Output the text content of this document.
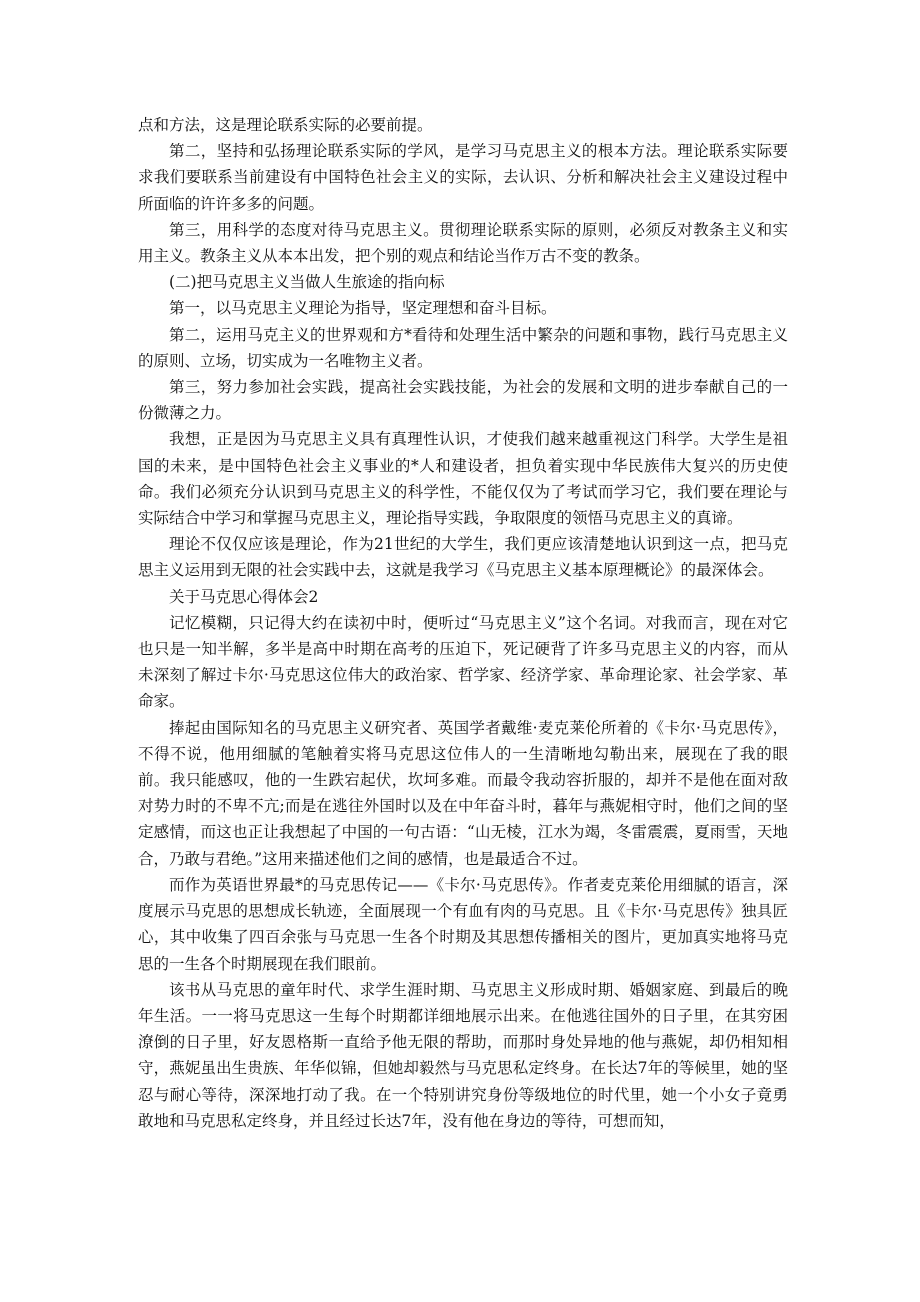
点和方法，这是理论联系实际的必要前提。

第二，坚持和弘扬理论联系实际的学风，是学习马克思主义的根本方法。理论联系实际要求我们要联系当前建设有中国特色社会主义的实际，去认识、分析和解决社会主义建设过程中所面临的许许多多的问题。

第三，用科学的态度对待马克思主义。贯彻理论联系实际的原则，必须反对教条主义和实用主义。教条主义从本本出发，把个别的观点和结论当作万古不变的教条。

(二)把马克思主义当做人生旅途的指向标

第一，以马克思主义理论为指导，坚定理想和奋斗目标。

第二，运用马克主义的世界观和方*看待和处理生活中繁杂的问题和事物，践行马克思主义的原则、立场，切实成为一名唯物主义者。

第三，努力参加社会实践，提高社会实践技能，为社会的发展和文明的进步奉献自己的一份微薄之力。

我想，正是因为马克思主义具有真理性认识，才使我们越来越重视这门科学。大学生是祖国的未来，是中国特色社会主义事业的*人和建设者，担负着实现中华民族伟大复兴的历史使命。我们必须充分认识到马克思主义的科学性，不能仅仅为了考试而学习它，我们要在理论与实际结合中学习和掌握马克思主义，理论指导实践，争取限度的领悟马克思主义的真谛。

理论不仅仅应该是理论，作为21世纪的大学生，我们更应该清楚地认识到这一点，把马克思主义运用到无限的社会实践中去，这就是我学习《马克思主义基本原理概论》的最深体会。

关于马克思心得体会2

记忆模糊，只记得大约在读初中时，便听过“马克思主义”这个名词。对我而言，现在对它也只是一知半解，多半是高中时期在高考的压迫下，死记硬背了许多马克思主义的内容，而从未深刻了解过卡尔·马克思这位伟大的政治家、哲学家、经济学家、革命理论家、社会学家、革命家。

捧起由国际知名的马克思主义研究者、英国学者戴维·麦克莱伦所着的《卡尔·马克思传》，不得不说，他用细腻的笔触着实将马克思这位伟人的一生清晰地勾勒出来，展现在了我的眼前。我只能感叹，他的一生跌宕起伏，坎坷多难。而最令我动容折服的，却并不是他在面对敌对势力时的不卑不亢;而是在逃往外国时以及在中年奋斗时，暮年与燕妮相守时，他们之间的坚定感情，而这也正让我想起了中国的一句古语：“山无棱，江水为竭，冬雷震震，夏雨雪，天地合，乃敢与君绝。”这用来描述他们之间的感情，也是最适合不过。

而作为英语世界最*的马克思传记——《卡尔·马克思传》。作者麦克莱伦用细腻的语言，深度展示马克思的思想成长轨迹，全面展现一个有血有肉的马克思。且《卡尔·马克思传》独具匠心，其中收集了四百余张与马克思一生各个时期及其思想传播相关的图片，更加真实地将马克思的一生各个时期展现在我们眼前。

该书从马克思的童年时代、求学生涯时期、马克思主义形成时期、婚姻家庭、到最后的晚年生活。一一将马克思这一生每个时期都详细地展示出来。在他逃往国外的日子里，在其穷困潦倒的日子里，好友恩格斯一直给予他无限的帮助，而那时身处异地的他与燕妮，却仍相知相守，燕妮虽出生贵族、年华似锦，但她却毅然与马克思私定终身。在长达7年的等候里，她的坚忍与耐心等待，深深地打动了我。在一个特别讲究身份等级地位的时代里，她一个小女子竟勇敢地和马克思私定终身，并且经过长达7年，没有他在身边的等待，可想而知，
